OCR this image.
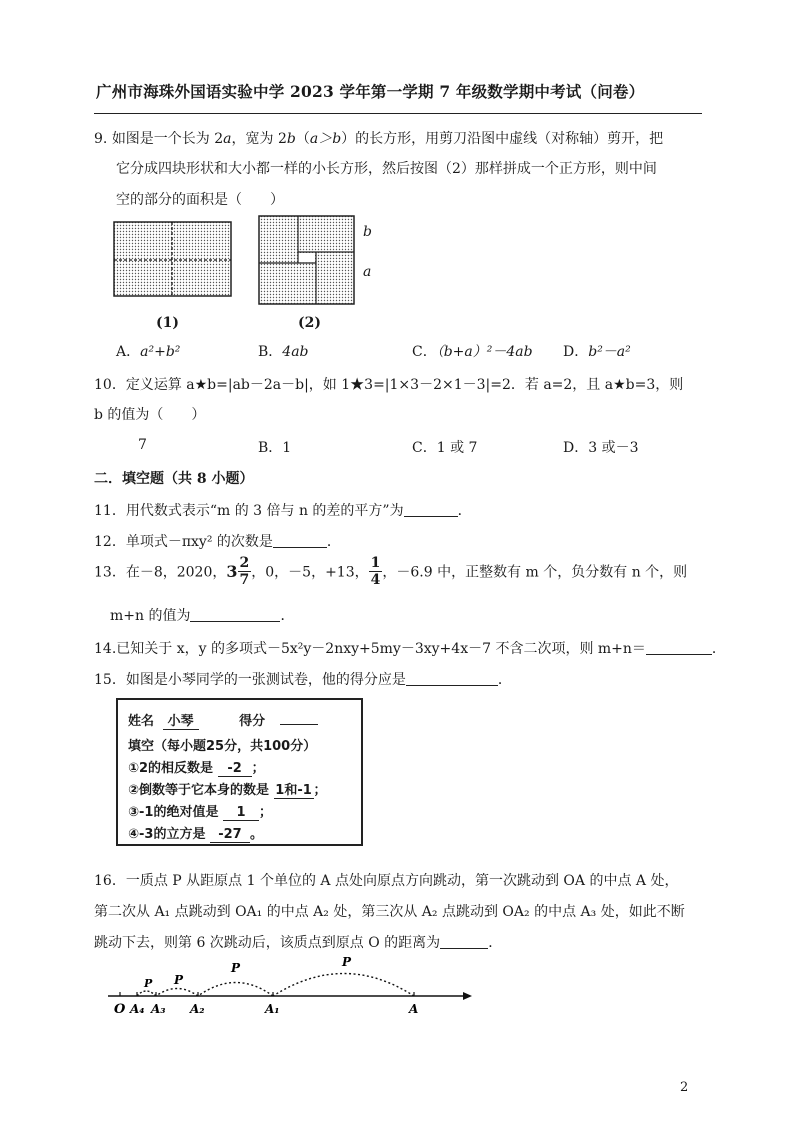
广州市海珠外国语实验中学 2023 学年第一学期 7 年级数学期中考试（问卷）
9. 如图是一个长为 2a，宽为 2b（a＞b）的长方形，用剪刀沿图中虚线（对称轴）剪开，把
它分成四块形状和大小都一样的小长方形，然后按图（2）那样拼成一个正方形，则中间
空的部分的面积是（　　）
(1)
b
a
(2)
A．a²+b²	B．4ab	C．（b+a）²－4ab D．b²－a²
10．定义运算 a★b=|ab－2a－b|，如 1★3=|1×3－2×1－3|=2．若 a=2，且 a★b=3，则
b 的值为（　　）
7	B．1	C．1 或 7	D．3 或－3
二．填空题（共 8 小题）
11．用代数式表示“m 的 3 倍与 n 的差的平方”为	．
12．单项式－πxy² 的次数是	．
13．在－8，2020，$3 \frac{2}{7}$ ，0，－5，+13， $\frac{1}{4}$ ，－6.9 中，正整数有 m 个，负分数有 n 个，则
m+n 的值为	．
14.已知关于 x，y 的多项式－5x²y－2nxy+5my－3xy+4x－7 不含二次项，则 m+n＝	．
15．如图是小琴同学的一张测试卷，他的得分应是	．
姓名 小琴	得分
填空（每小题25分，共100分）
①2的相反数是 -2 ；
②倒数等于它本身的数是 1和-1 ；
③-1的绝对值是 1 ；
④-3的立方是 -27 。
16．一质点 P 从距原点 1 个单位的 A 点处向原点方向跳动，第一次跳动到 OA 的中点 A 处，
第二次从 A₁ 点跳动到 OA₁ 的中点 A₂ 处，第三次从 A₂ 点跳动到 OA₂ 的中点 A₃ 处，如此不断
跳动下去，则第 6 次跳动后，该质点到原点 O 的距离为	．
P
P
P
P
O A₄ A₃ A₂	A₁	A
2
